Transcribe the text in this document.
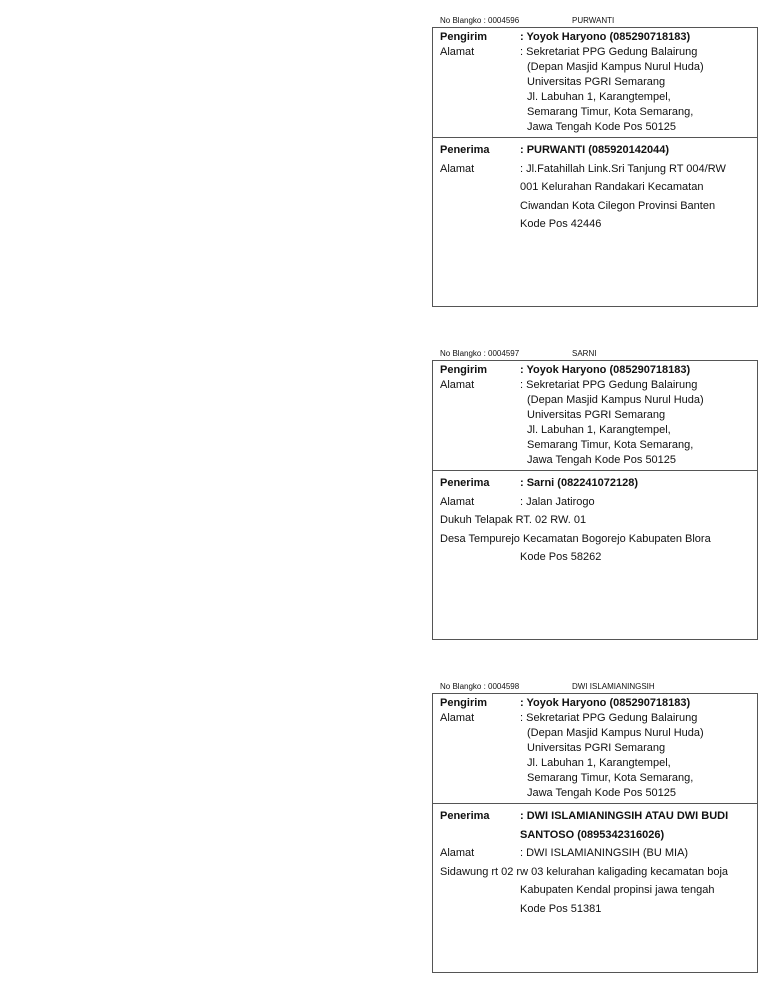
No Blangko : 0004596	PURWANTI
Pengirim	: Yoyok Haryono (085290718183)
Alamat	: Sekretariat PPG Gedung Balairung
(Depan Masjid Kampus Nurul Huda)
Universitas PGRI Semarang
Jl. Labuhan 1, Karangtempel,
Semarang Timur, Kota Semarang,
Jawa Tengah Kode Pos 50125
Penerima	: PURWANTI (085920142044)
Alamat	: Jl.Fatahillah Link.Sri Tanjung RT 004/RW
001 Kelurahan Randakari Kecamatan
Ciwandan Kota Cilegon Provinsi Banten
Kode Pos 42446
No Blangko : 0004597	SARNI
Pengirim	: Yoyok Haryono (085290718183)
Alamat	: Sekretariat PPG Gedung Balairung
(Depan Masjid Kampus Nurul Huda)
Universitas PGRI Semarang
Jl. Labuhan 1, Karangtempel,
Semarang Timur, Kota Semarang,
Jawa Tengah Kode Pos 50125
Penerima	: Sarni (082241072128)
Alamat	: Jalan Jatirogo
Dukuh Telapak RT. 02 RW. 01
Desa Tempurejo Kecamatan Bogorejo Kabupaten Blora
Kode Pos 58262
No Blangko : 0004598	DWI ISLAMIANINGSIH
Pengirim	: Yoyok Haryono (085290718183)
Alamat	: Sekretariat PPG Gedung Balairung
(Depan Masjid Kampus Nurul Huda)
Universitas PGRI Semarang
Jl. Labuhan 1, Karangtempel,
Semarang Timur, Kota Semarang,
Jawa Tengah Kode Pos 50125
Penerima	: DWI ISLAMIANINGSIH ATAU DWI BUDI
SANTOSO (0895342316026)
Alamat	: DWI ISLAMIANINGSIH (BU MIA)
Sidawung rt 02 rw 03 kelurahan kaligading kecamatan boja
Kabupaten Kendal propinsi jawa tengah
Kode Pos 51381
